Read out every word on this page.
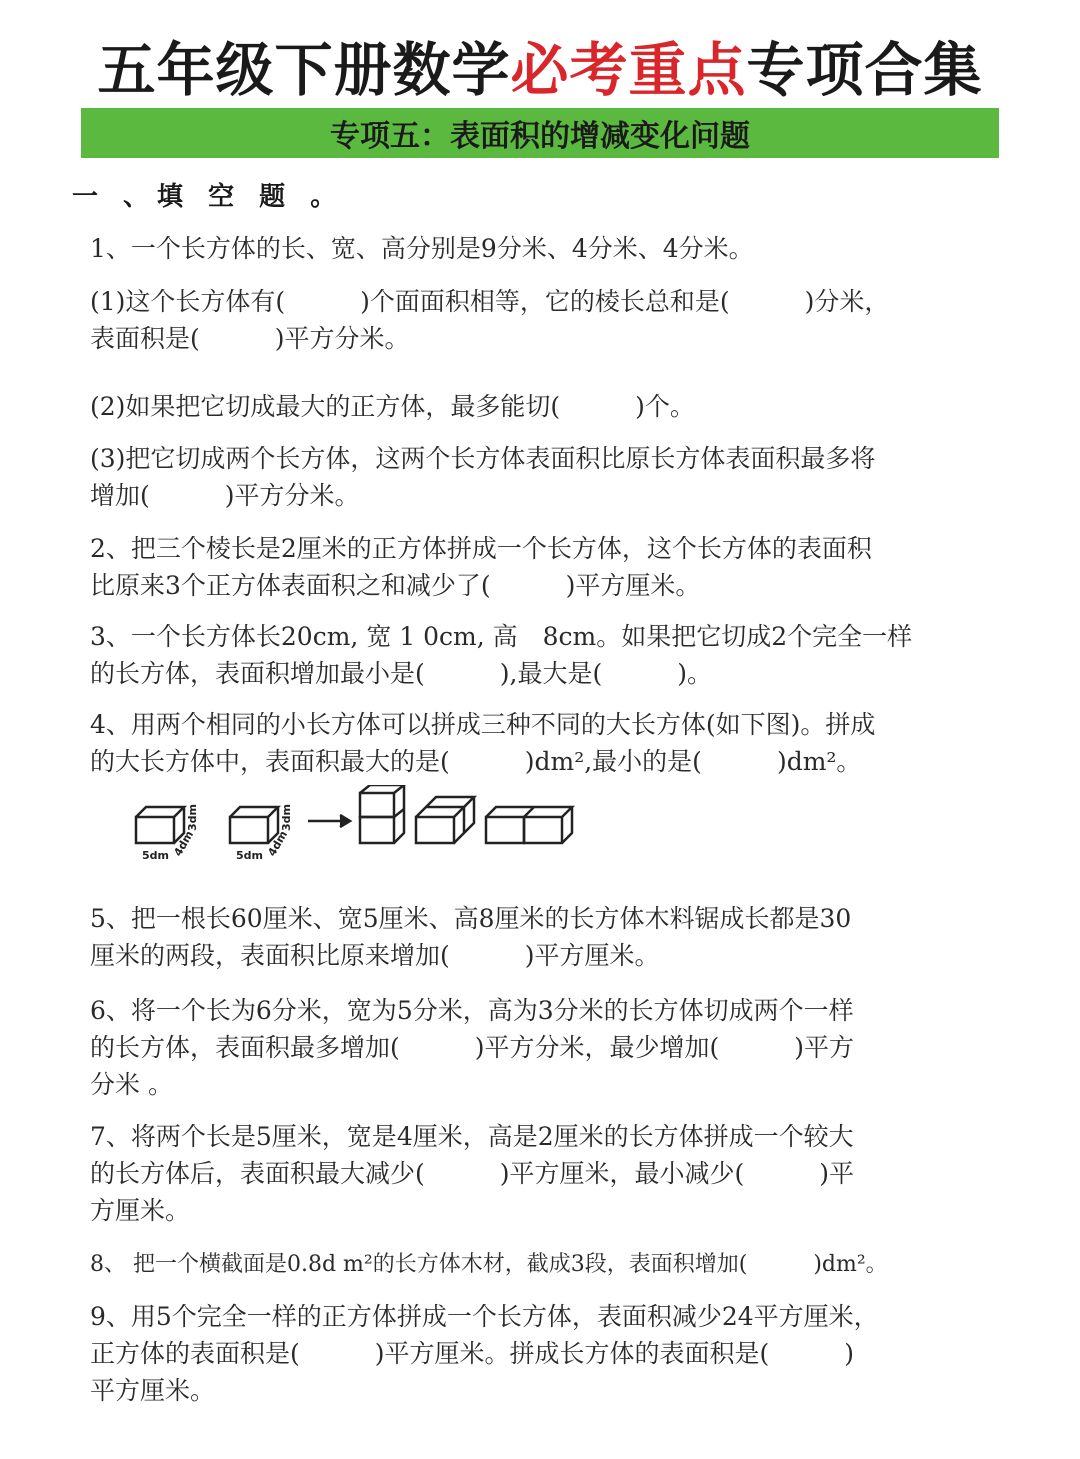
五年级下册数学必考重点专项合集
专项五：表面积的增减变化问题
一 、填 空 题 。
1、一个长方体的长、宽、高分别是9分米、4分米、4分米。
(1)这个长方体有(　　　)个面面积相等，它的棱长总和是(　　　)分米，
表面积是(　　　)平方分米。
(2)如果把它切成最大的正方体，最多能切(　　　)个。
(3)把它切成两个长方体，这两个长方体表面积比原长方体表面积最多将
增加(　　　)平方分米。
2、把三个棱长是2厘米的正方体拼成一个长方体，这个长方体的表面积
比原来3个正方体表面积之和减少了(　　　)平方厘米。
3、一个长方体长20cm, 宽 1 0cm, 高　8cm。如果把它切成2个完全一样
的长方体，表面积增加最小是(　　　),最大是(　　　)。
4、用两个相同的小长方体可以拼成三种不同的大长方体(如下图)。拼成
的大长方体中，表面积最大的是(　　　)dm²,最小的是(　　　)dm²。
5dm 4dm
3dm
5dm 4dm
3dm
5、把一根长60厘米、宽5厘米、高8厘米的长方体木料锯成长都是30
厘米的两段，表面积比原来增加(　　　)平方厘米。
6、将一个长为6分米，宽为5分米，高为3分米的长方体切成两个一样
的长方体，表面积最多增加(　　　)平方分米，最少增加(　　　)平方
分米 。
7、将两个长是5厘米，宽是4厘米，高是2厘米的长方体拼成一个较大
的长方体后，表面积最大减少(　　　)平方厘米，最小减少(　　　)平
方厘米。
8、 把一个横截面是0.8d m²的长方体木材，截成3段，表面积增加(　　　)dm²。
9、用5个完全一样的正方体拼成一个长方体，表面积减少24平方厘米，
正方体的表面积是(　　　)平方厘米。拼成长方体的表面积是(　　　)
平方厘米。
